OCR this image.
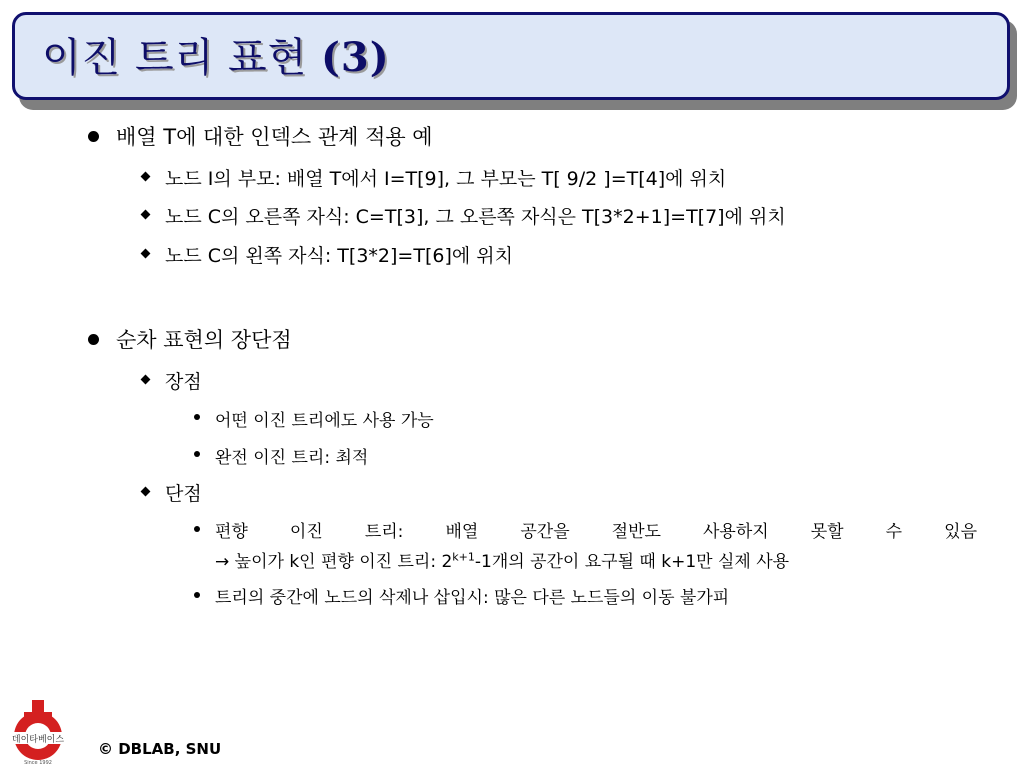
이진 트리 표현 (3)
배열 T에 대한 인덱스 관계 적용 예
노드 I의 부모: 배열 T에서 I=T[9], 그 부모는 T[ 9/2 ]=T[4]에 위치
노드 C의 오른쪽 자식: C=T[3], 그 오른쪽 자식은 T[3*2+1]=T[7]에 위치
노드 C의 왼쪽 자식: T[3*2]=T[6]에 위치
순차 표현의 장단점
장점
어떤 이진 트리에도 사용 가능
완전 이진 트리: 최적
단점
편향 이진 트리: 배열 공간을 절반도 사용하지 못할 수 있음
→ 높이가 k인 편향 이진 트리: $2^{k+1}-1$개의 공간이 요구될 때 k+1만 실제 사용
트리의 중간에 노드의 삭제나 삽입시: 많은 다른 노드들의 이동 불가피
데이타베이스
Since 1992
© DBLAB, SNU
